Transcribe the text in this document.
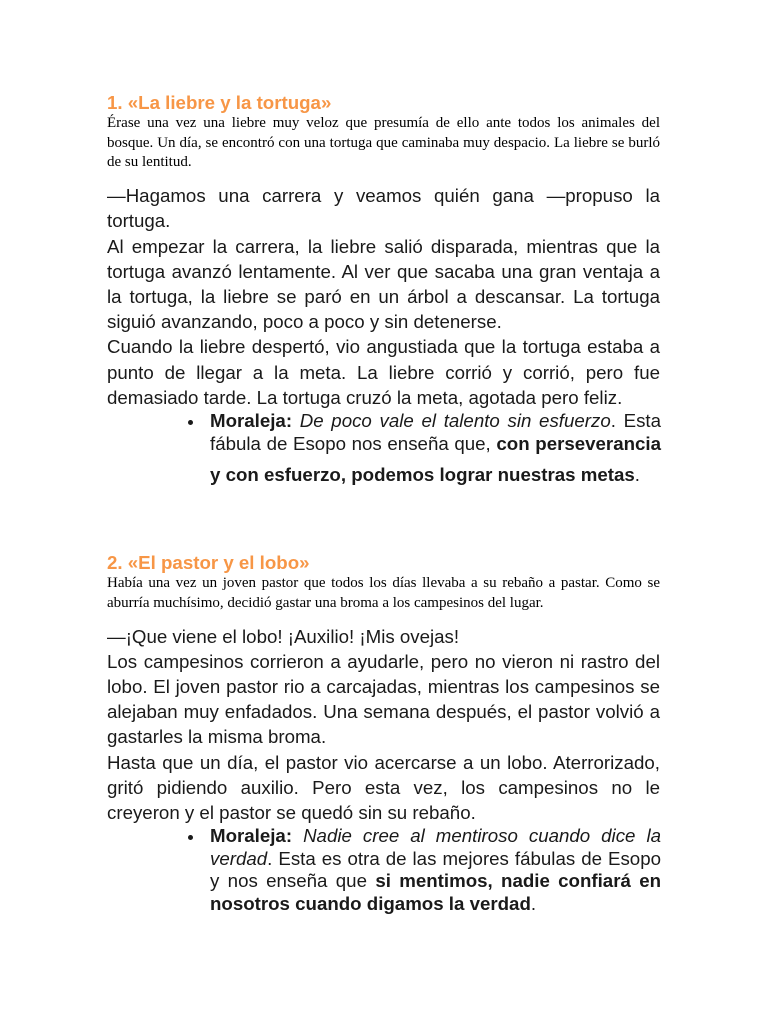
1. «La liebre y la tortuga»

Érase una vez una liebre muy veloz que presumía de ello ante todos los animales del bosque. Un día, se encontró con una tortuga que caminaba muy despacio. La liebre se burló de su lentitud.

—Hagamos una carrera y veamos quién gana —propuso la tortuga.

Al empezar la carrera, la liebre salió disparada, mientras que la tortuga avanzó lentamente. Al ver que sacaba una gran ventaja a la tortuga, la liebre se paró en un árbol a descansar. La tortuga siguió avanzando, poco a poco y sin detenerse.

Cuando la liebre despertó, vio angustiada que la tortuga estaba a punto de llegar a la meta. La liebre corrió y corrió, pero fue demasiado tarde. La tortuga cruzó la meta, agotada pero feliz.

Moraleja: De poco vale el talento sin esfuerzo. Esta fábula de Esopo nos enseña que, con perseverancia y con esfuerzo, podemos lograr nuestras metas.

2. «El pastor y el lobo»

Había una vez un joven pastor que todos los días llevaba a su rebaño a pastar. Como se aburría muchísimo, decidió gastar una broma a los campesinos del lugar.

—¡Que viene el lobo! ¡Auxilio! ¡Mis ovejas!

Los campesinos corrieron a ayudarle, pero no vieron ni rastro del lobo. El joven pastor rio a carcajadas, mientras los campesinos se alejaban muy enfadados. Una semana después, el pastor volvió a gastarles la misma broma.

Hasta que un día, el pastor vio acercarse a un lobo. Aterrorizado, gritó pidiendo auxilio. Pero esta vez, los campesinos no le creyeron y el pastor se quedó sin su rebaño.

Moraleja: Nadie cree al mentiroso cuando dice la verdad. Esta es otra de las mejores fábulas de Esopo y nos enseña que si mentimos, nadie confiará en nosotros cuando digamos la verdad.
